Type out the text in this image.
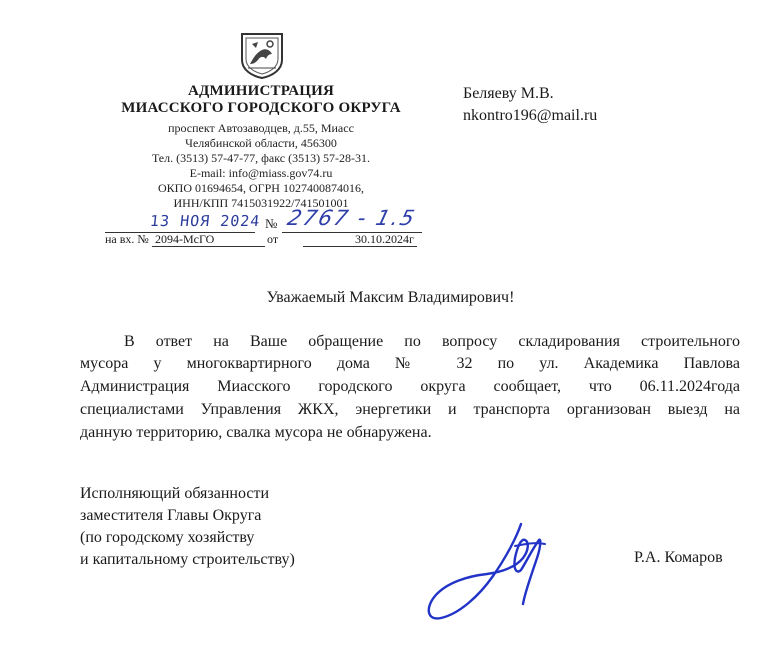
АДМИНИСТРАЦИЯ
МИАССКОГО ГОРОДСКОГО ОКРУГА
проспект Автозаводцев, д.55, Миасс
Челябинской области, 456300
Тел. (3513) 57-47-77, факс (3513) 57-28-31.
E-mail: info@miass.gov74.ru
ОКПО 01694654, ОГРН 1027400874016,
ИНН/КПП 7415031922/741501001
13 НОЯ 2024 № 2767 - 1.5
на вх. № 2094-МсГО	от	30.10.2024г
Беляеву М.В.
nkontro196@mail.ru
Уважаемый Максим Владимирович!
В ответ на Ваше обращение по вопросу складирования строительного
мусора у многоквартирного дома № 32 по ул. Академика Павлова
Администрация Миасского городского округа сообщает, что 06.11.2024года
специалистами Управления ЖКХ, энергетики и транспорта организован выезд на
данную территорию, свалка мусора не обнаружена.
Исполняющий обязанности
заместителя Главы Округа
(по городскому хозяйству
и капитальному строительству)	Р.А. Комаров
